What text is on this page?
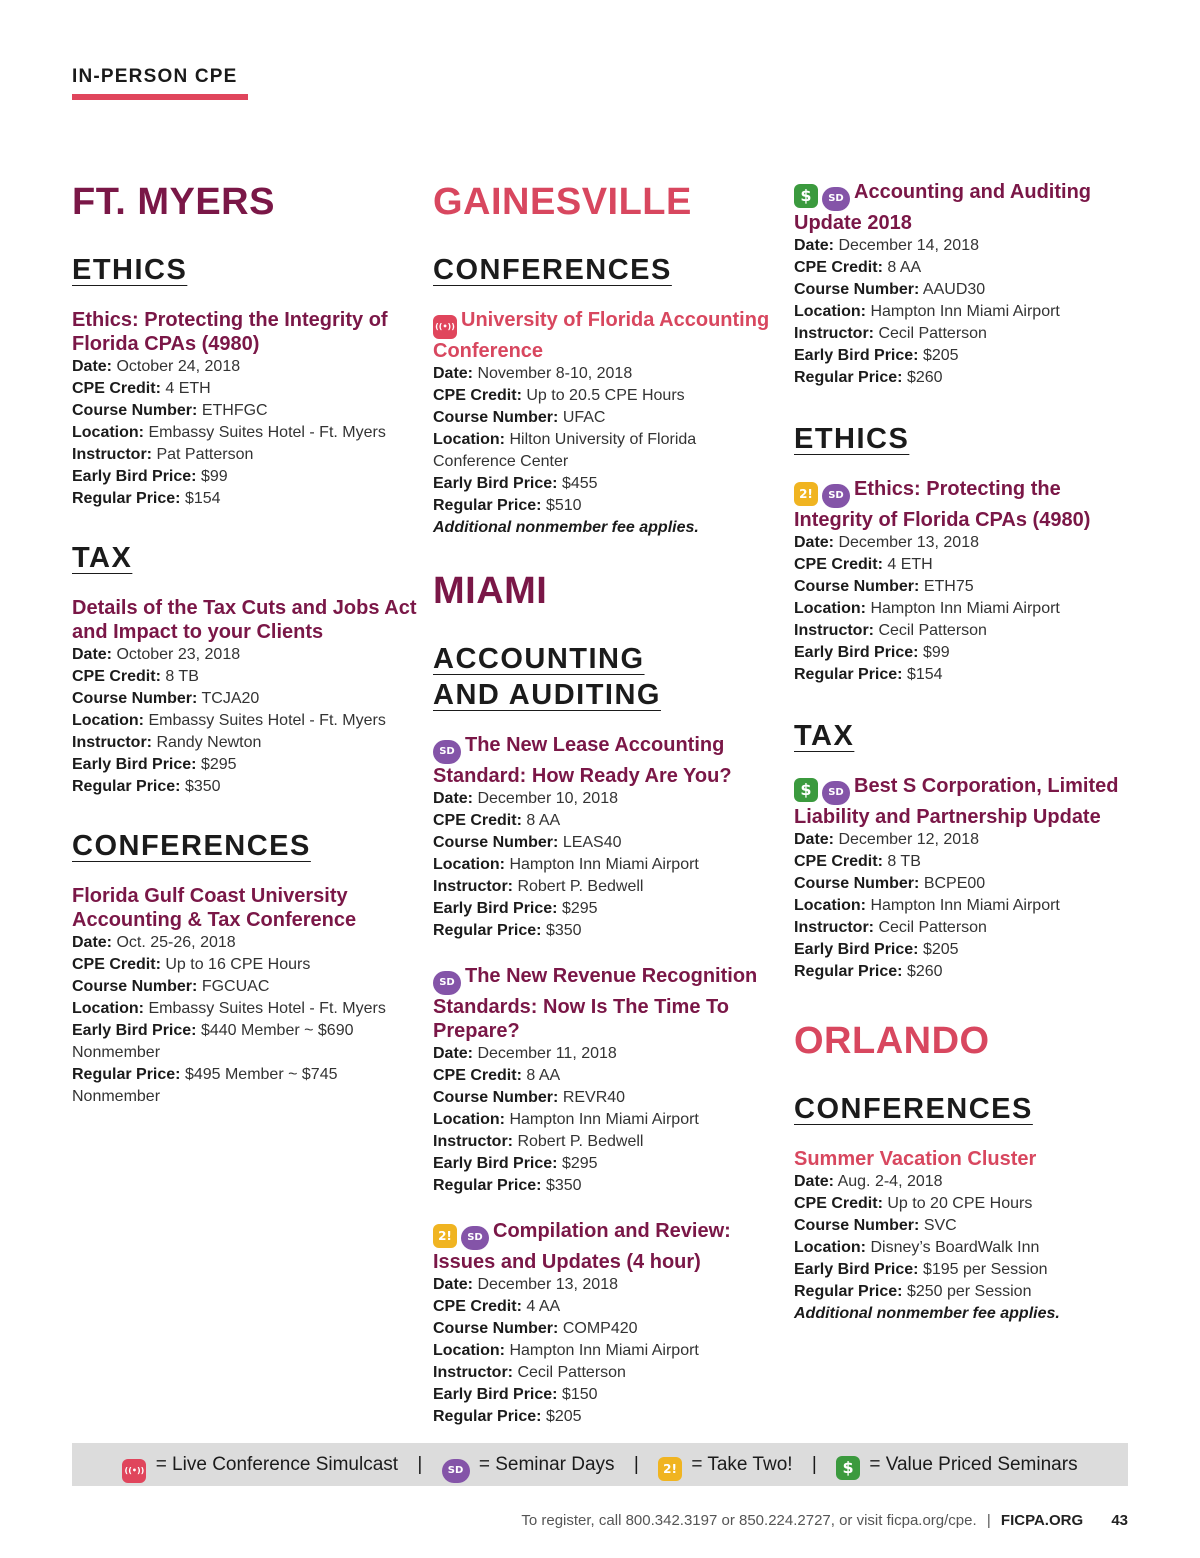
IN-PERSON CPE
FT. MYERS
ETHICS

Ethics: Protecting the Integrity of Florida CPAs (4980)

Date: October 24, 2018
CPE Credit: 4 ETH
Course Number: ETHFGC
Location: Embassy Suites Hotel - Ft. Myers
Instructor: Pat Patterson
Early Bird Price: $99
Regular Price: $154
TAX

Details of the Tax Cuts and Jobs Act and Impact to your Clients

Date: October 23, 2018
CPE Credit: 8 TB
Course Number: TCJA20
Location: Embassy Suites Hotel - Ft. Myers
Instructor: Randy Newton
Early Bird Price: $295
Regular Price: $350
CONFERENCES

Florida Gulf Coast University Accounting & Tax Conference

Date: Oct. 25-26, 2018
CPE Credit: Up to 16 CPE Hours
Course Number: FGCUAC
Location: Embassy Suites Hotel - Ft. Myers
Early Bird Price: $440 Member ~ $690 Nonmember
Regular Price: $495 Member ~ $745 Nonmember
GAINESVILLE
CONFERENCES

((•)) University of Florida Accounting Conference

Date: November 8-10, 2018
CPE Credit: Up to 20.5 CPE Hours
Course Number: UFAC
Location: Hilton University of Florida Conference Center
Early Bird Price: $455
Regular Price: $510
Additional nonmember fee applies.
MIAMI
ACCOUNTING
AND AUDITING

SD The New Lease Accounting Standard: How Ready Are You?

Date: December 10, 2018
CPE Credit: 8 AA
Course Number: LEAS40
Location: Hampton Inn Miami Airport
Instructor: Robert P. Bedwell
Early Bird Price: $295
Regular Price: $350

SD The New Revenue Recognition Standards: Now Is The Time To Prepare?

Date: December 11, 2018
CPE Credit: 8 AA
Course Number: REVR40
Location: Hampton Inn Miami Airport
Instructor: Robert P. Bedwell
Early Bird Price: $295
Regular Price: $350

2! SD Compilation and Review: Issues and Updates (4 hour)

Date: December 13, 2018
CPE Credit: 4 AA
Course Number: COMP420
Location: Hampton Inn Miami Airport
Instructor: Cecil Patterson
Early Bird Price: $150
Regular Price: $205

$ SD Accounting and Auditing Update 2018

Date: December 14, 2018
CPE Credit: 8 AA
Course Number: AAUD30
Location: Hampton Inn Miami Airport
Instructor: Cecil Patterson
Early Bird Price: $205
Regular Price: $260
ETHICS

2! SD Ethics: Protecting the Integrity of Florida CPAs (4980)

Date: December 13, 2018
CPE Credit: 4 ETH
Course Number: ETH75
Location: Hampton Inn Miami Airport
Instructor: Cecil Patterson
Early Bird Price: $99
Regular Price: $154
TAX

$ SD Best S Corporation, Limited Liability and Partnership Update

Date: December 12, 2018
CPE Credit: 8 TB
Course Number: BCPE00
Location: Hampton Inn Miami Airport
Instructor: Cecil Patterson
Early Bird Price: $205
Regular Price: $260
ORLANDO
CONFERENCES

Summer Vacation Cluster

Date: Aug. 2-4, 2018
CPE Credit: Up to 20 CPE Hours
Course Number: SVC
Location: Disney’s BoardWalk Inn
Early Bird Price: $195 per Session
Regular Price: $250 per Session
Additional nonmember fee applies.
((•)) = Live Conference Simulcast |	SD = Seminar Days | 2! = Take Two! | $ = Value Priced Seminars
To register, call 800.342.3197 or 850.224.2727, or visit ficpa.org/cpe. | FICPA.ORG 43
